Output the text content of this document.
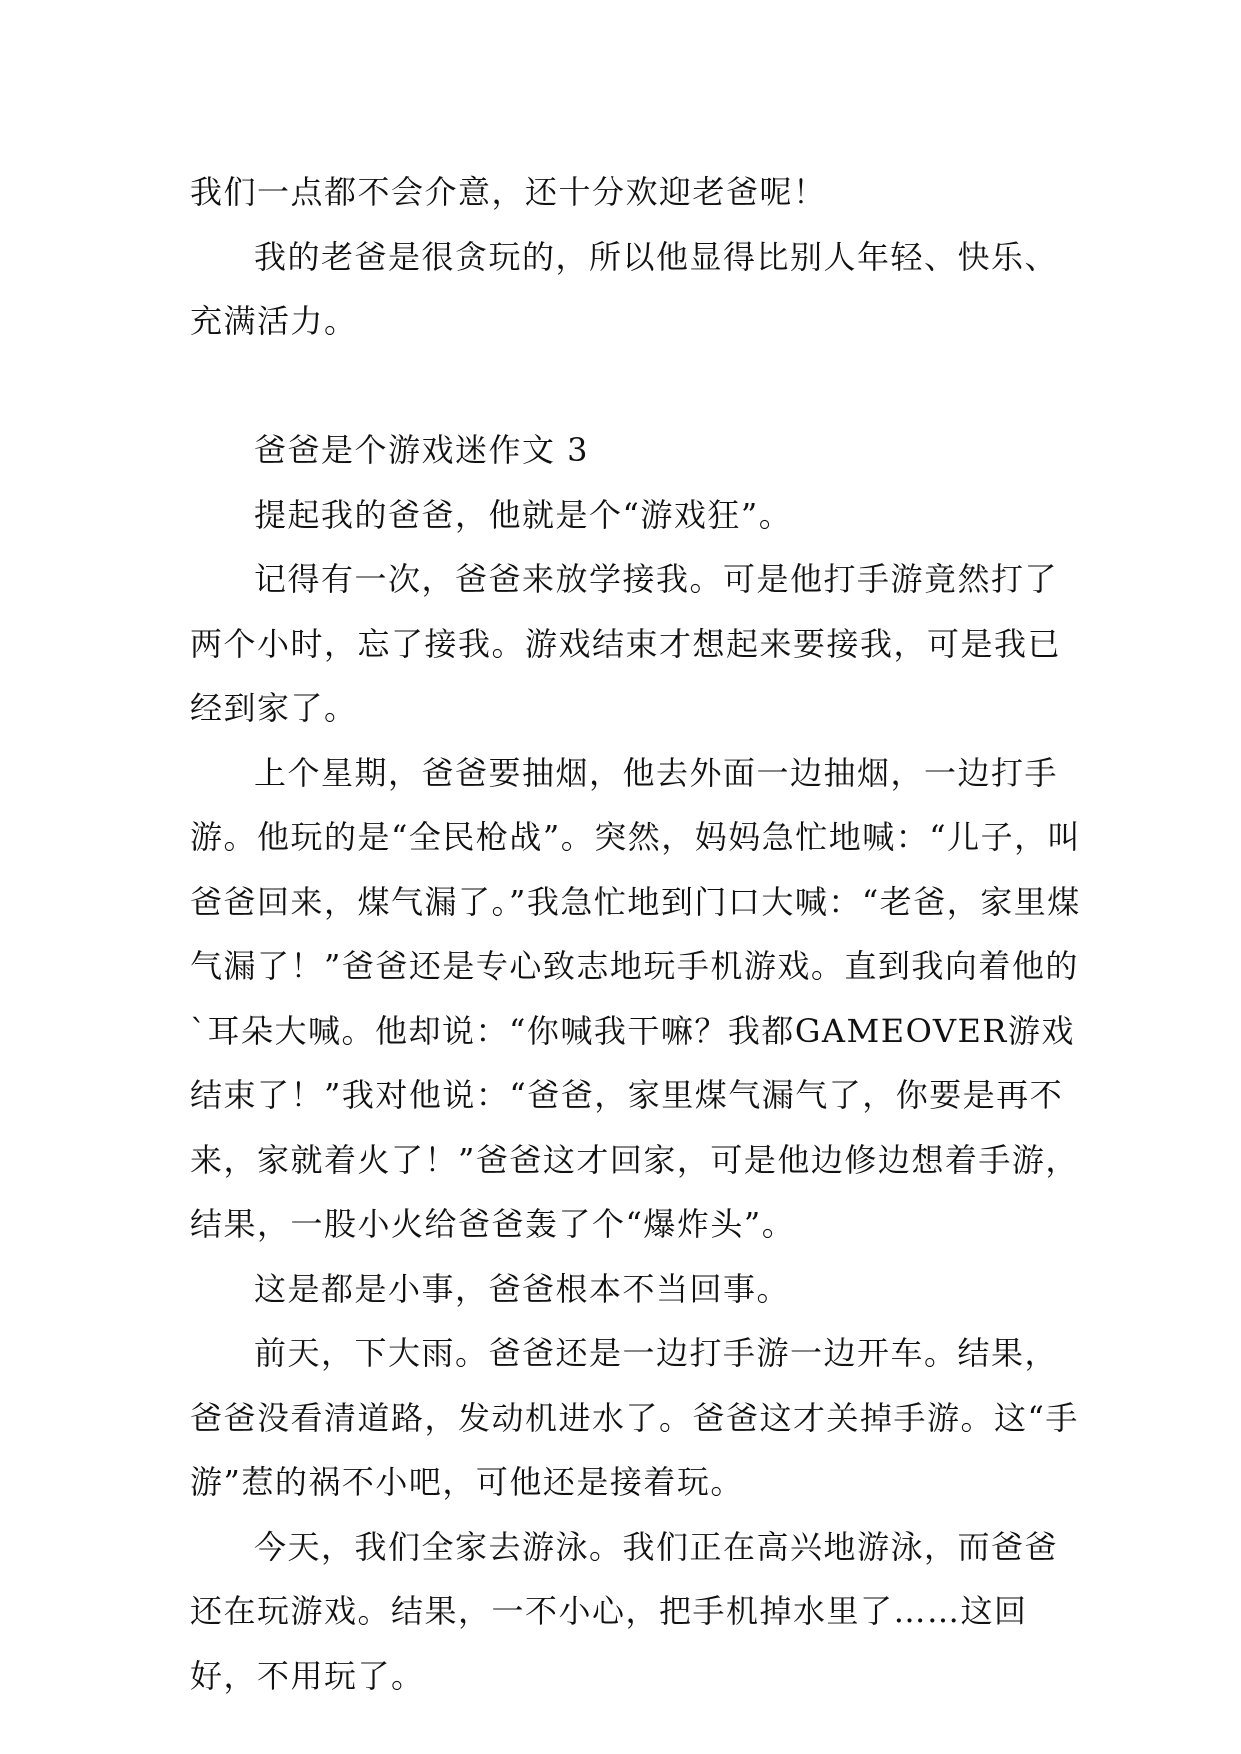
我们一点都不会介意，还十分欢迎老爸呢！

我的老爸是很贪玩的，所以他显得比别人年轻、快乐、充满活力。

爸爸是个游戏迷作文 3

提起我的爸爸，他就是个“游戏狂”。

记得有一次，爸爸来放学接我。可是他打手游竟然打了两个小时，忘了接我。游戏结束才想起来要接我，可是我已经到家了。

上个星期，爸爸要抽烟，他去外面一边抽烟，一边打手游。他玩的是“全民枪战”。突然，妈妈急忙地喊：“儿子，叫爸爸回来，煤气漏了。”我急忙地到门口大喊：“老爸，家里煤气漏了！”爸爸还是专心致志地玩手机游戏。直到我向着他的`耳朵大喊。他却说：“你喊我干嘛？我都GAMEOVER游戏结束了！”我对他说：“爸爸，家里煤气漏气了，你要是再不来，家就着火了！”爸爸这才回家，可是他边修边想着手游，结果，一股小火给爸爸轰了个“爆炸头”。

这是都是小事，爸爸根本不当回事。

前天，下大雨。爸爸还是一边打手游一边开车。结果，爸爸没看清道路，发动机进水了。爸爸这才关掉手游。这“手游”惹的祸不小吧，可他还是接着玩。

今天，我们全家去游泳。我们正在高兴地游泳，而爸爸还在玩游戏。结果，一不小心，把手机掉水里了……这回好，不用玩了。
